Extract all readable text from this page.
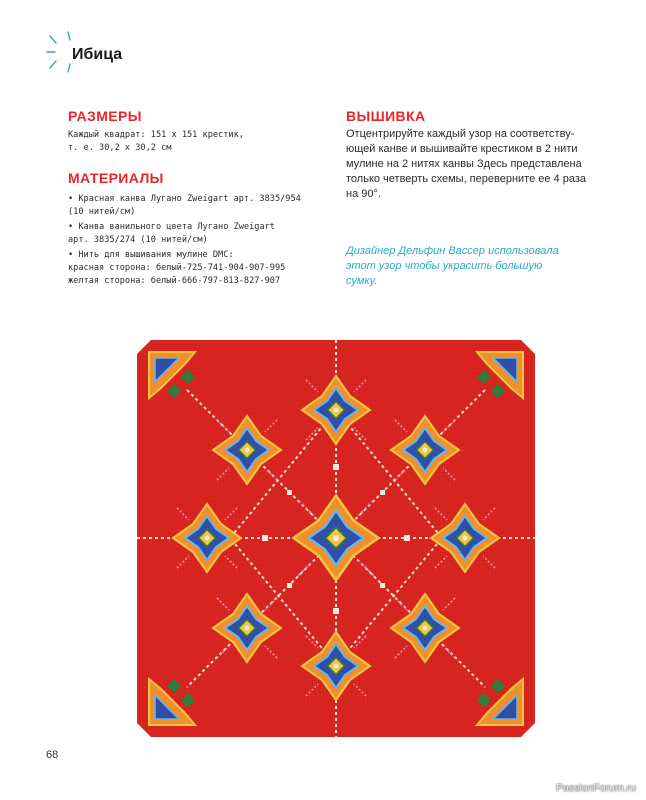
Ибица
РАЗМЕРЫ
Каждый квадрат: 151 x 151 крестик,
т. е. 30,2 x 30,2 см
МАТЕРИАЛЫ
• Красная канва Лугано Zweigart арт. 3835/954
(10 нитей/см)
• Канва ванильного цвета Лугано Zweigart
арт. 3835/274 (10 нитей/см)
• Нить для вышивания мулине DMC:
красная сторона: белый-725-741-904-907-995
желтая сторона: белый-666-797-813-827-907
ВЫШИВКА
Отцентрируйте каждый узор на соответству-
ющей канве и вышивайте крестиком в 2 нити
мулине на 2 нитях канвы Здесь представлена
только четверть схемы, переверните ее 4 раза
на 90°.
Дизайнер Дельфин Вассер использовала
этот узор чтобы украсить большую
сумку.
68
PassionForum.ru
